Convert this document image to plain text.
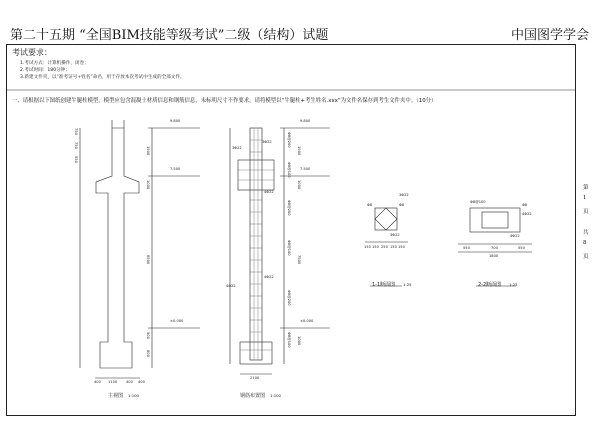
第二十五期 “全国BIM技能等级考试”二级（结构）试题	中国图学学会
考试要求：
1.考试方式：计算机操作，闭卷；
2.考试时间：180分钟；
3.新建文件夹，以“准考证号+姓名”命名，用于存放本次考试中生成的全部文件。
一、请根据以下图纸创建牛腿柱模型，模型应包含混凝土材质信息和钢筋信息，未标明尺寸不作要求。请将模型以“牛腿柱+考生姓名.xxx”为文件名保存到考生文件夹中。（10分）
第
1
页
共
8
页
9.800
7.500
±0.000
1900
1000
6500
500
800
750
750
550
400 1100 400 400
主视图 1:100
3Φ22
4Φ22
4Φ22
4Φ22
3Φ22	Φ8@200
Φ8@100
Φ8@200
Φ8@100
Φ8@200
Φ8@100
9.800
7.500
±0.000
1900
1000
7500
1000
2100
钢筋布置图 1:100
Φ8	Φ8
3Φ22
3Φ22
150 150 250 150 150
1-1断面图 1:25
Φ8@100
Φ8
4Φ22
4Φ22
550	700	550
1800
2-2断面图 1:25
